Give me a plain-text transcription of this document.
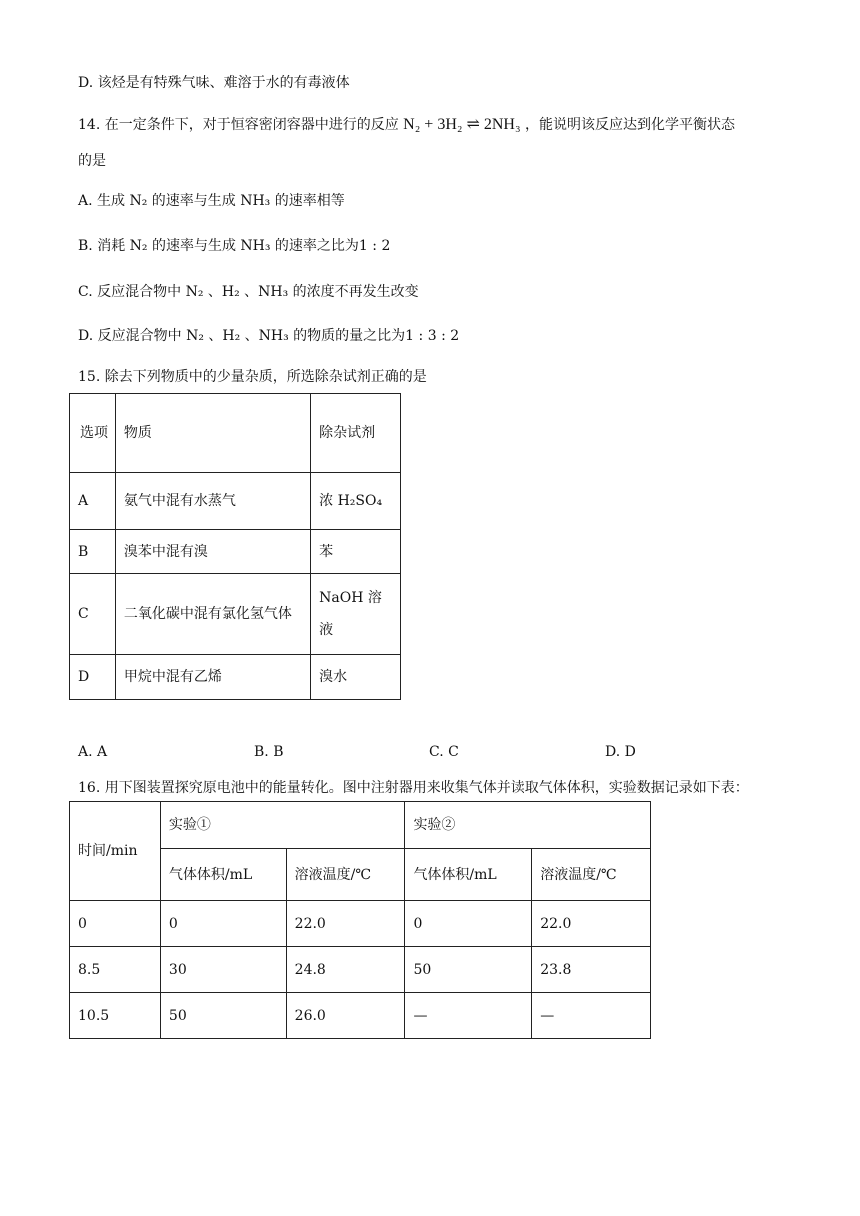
D. 该烃是有特殊气味、难溶于水的有毒液体
14. 在一定条件下，对于恒容密闭容器中进行的反应 N₂ + 3H₂ ⇌ 2NH₃ ，能说明该反应达到化学平衡状态
的是
A. 生成 N₂ 的速率与生成 NH₃ 的速率相等
B. 消耗 N₂ 的速率与生成 NH₃ 的速率之比为1 : 2
C. 反应混合物中 N₂ 、H₂ 、NH₃ 的浓度不再发生改变
D. 反应混合物中 N₂ 、H₂ 、NH₃ 的物质的量之比为1 : 3 : 2
15. 除去下列物质中的少量杂质，所选除杂试剂正确的是
选项	物质	除杂试剂
A	氨气中混有水蒸气	浓 H₂SO₄
B	溴苯中混有溴	苯
C	二氧化碳中混有氯化氢气体	NaOH 溶液
D	甲烷中混有乙烯	溴水
A. A	B. B	C. C	D. D
16. 用下图装置探究原电池中的能量转化。图中注射器用来收集气体并读取气体体积，实验数据记录如下表：
时间/min	实验①		实验②	
	气体体积/mL	溶液温度/℃	气体体积/mL	溶液温度/℃
0	0	22.0	0	22.0
8.5	30	24.8	50	23.8
10.5	50	26.0	—	—
